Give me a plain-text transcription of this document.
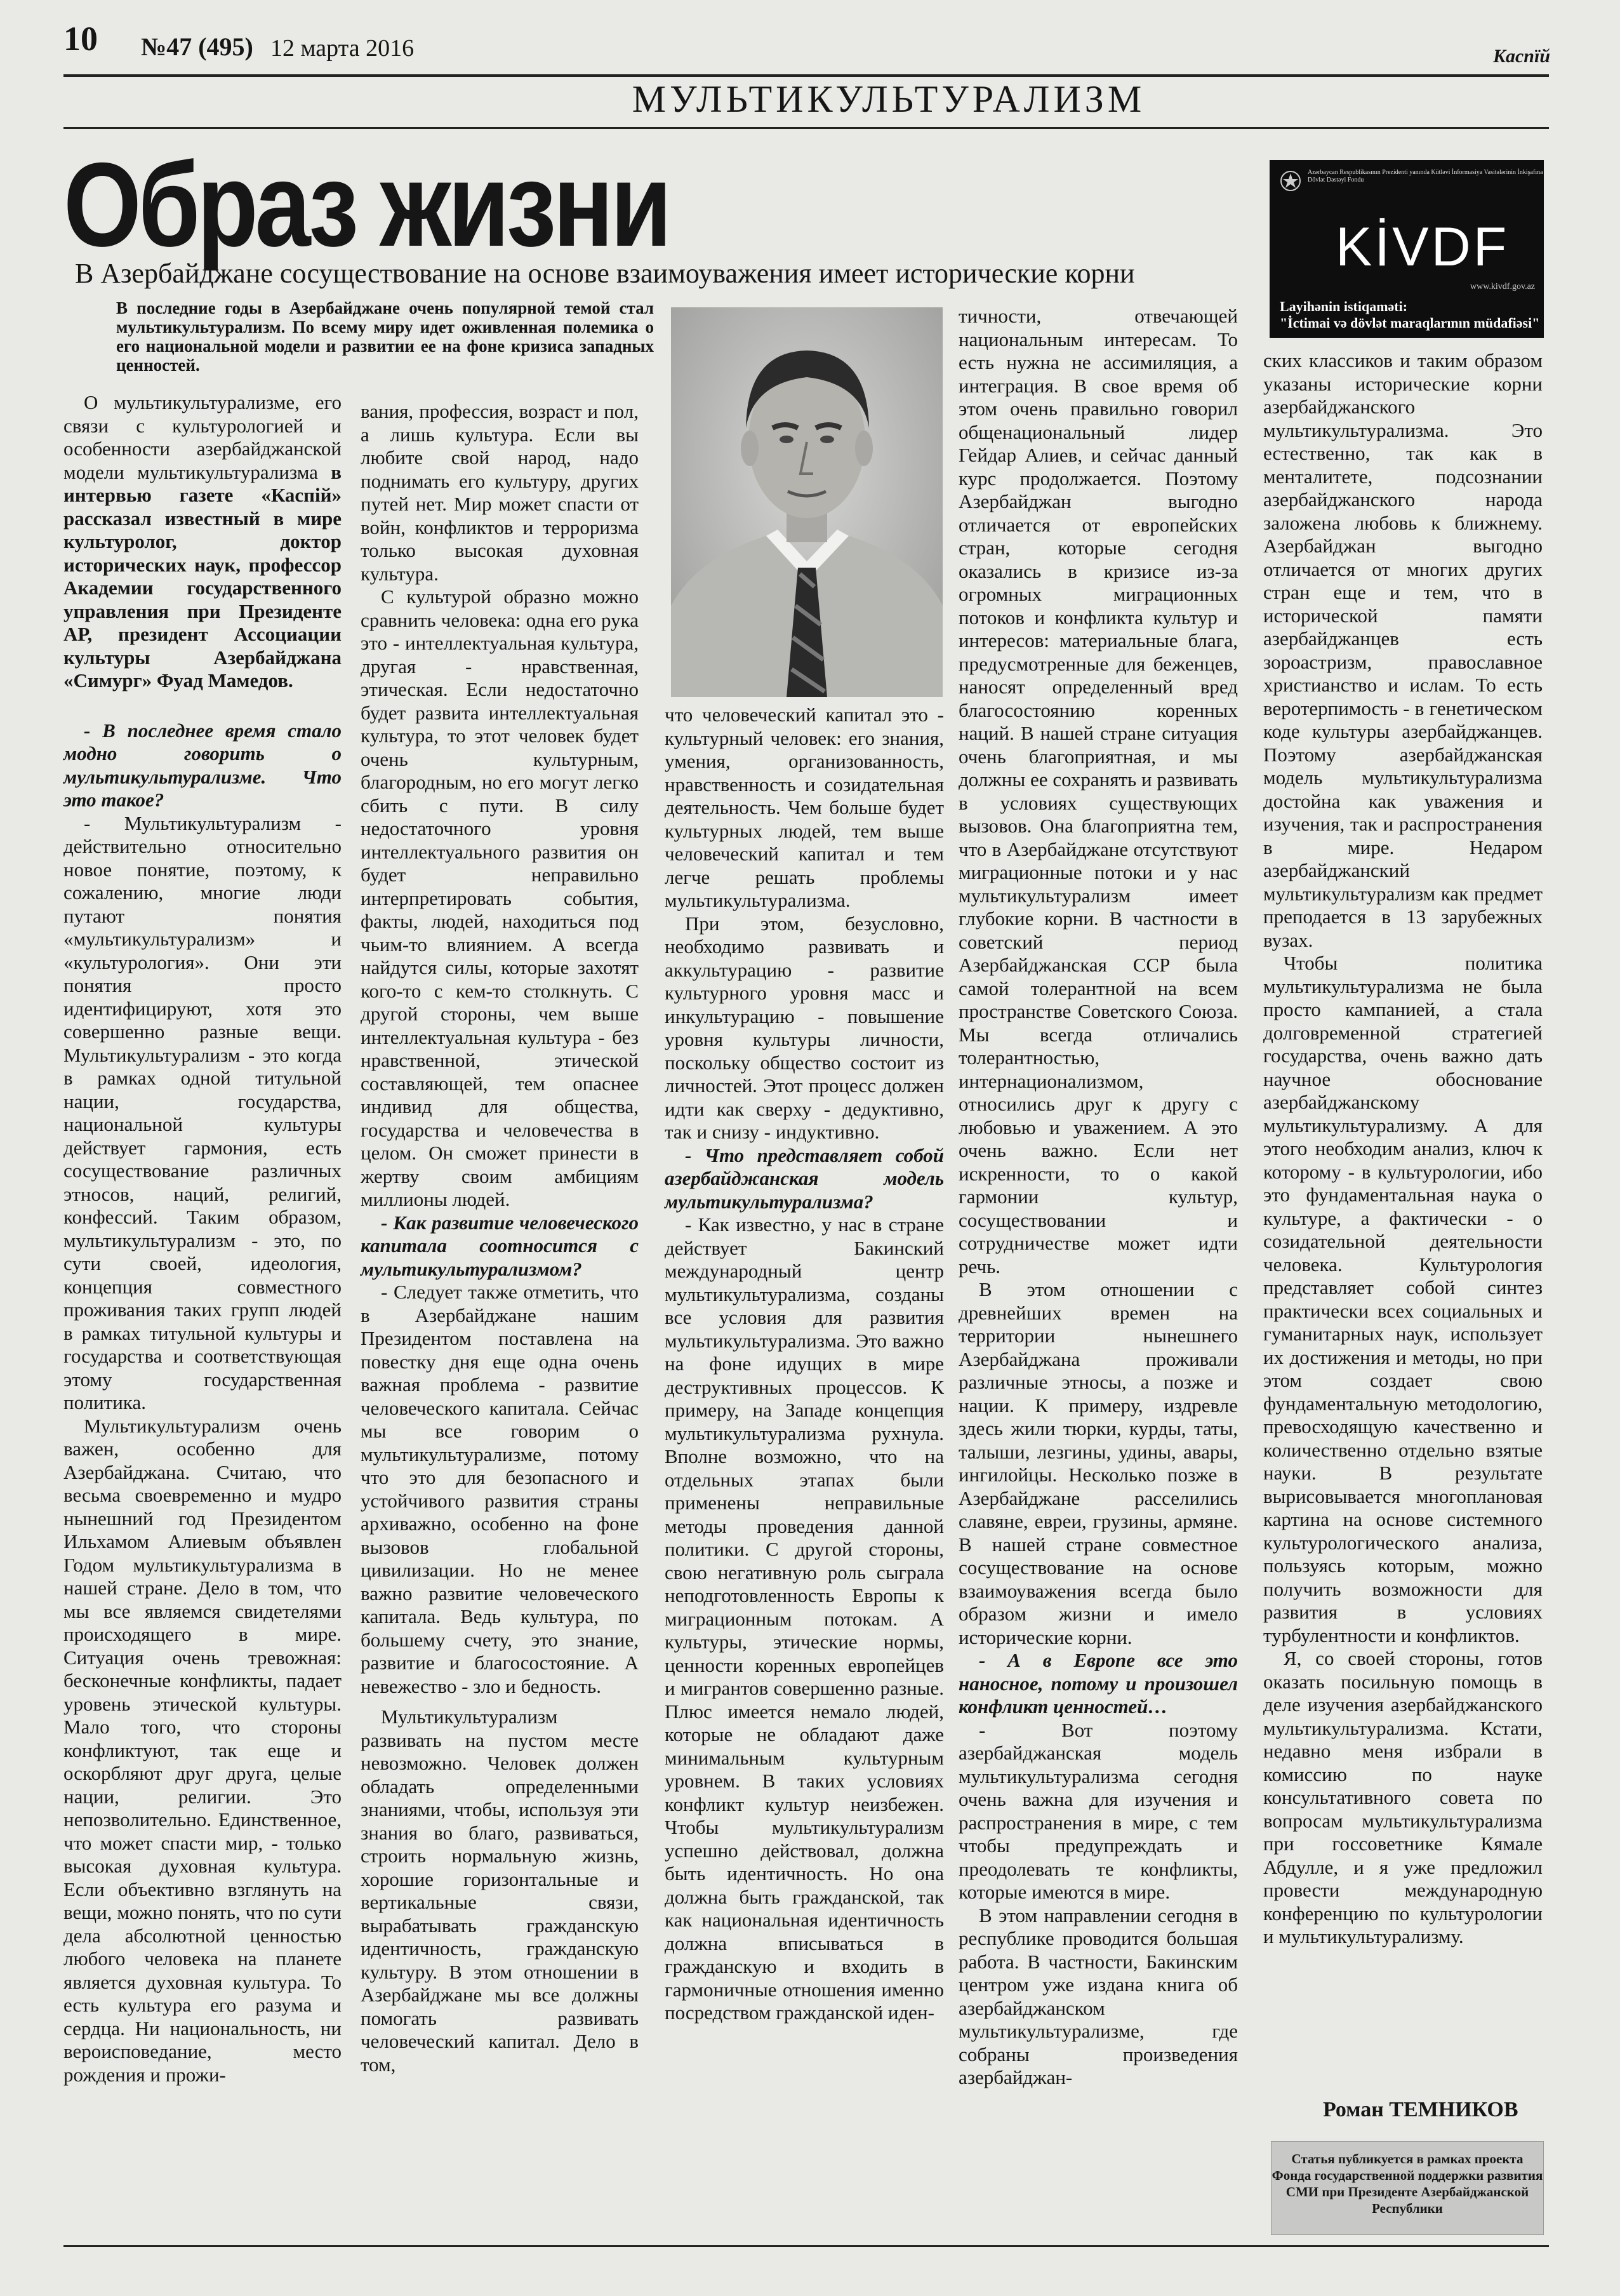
10 №47 (495) 12 марта 2016	Kacnїй
МУЛЬТИКУЛЬТУРАЛИЗМ
Образ жизни
В Азербайджане сосуществование на основе взаимоуважения имеет исторические корни
В последние годы в Азербайджане очень популярной темой стал мультикультурализм. По всему миру идет оживленная полемика о его национальной модели и развитии ее на фоне кризиса западных ценностей.

О мультикультурализме, его связи с культурологией и особенности азербайджанской модели мультикультурализма в интервью газете «Каспій» рассказал известный в мире культуролог, доктор исторических наук, профессор Академии государственного управления при Президенте АР, президент Ассоциации культуры Азербайджана «Симург» Фуад Мамедов.

- В последнее время стало модно говорить о мультикультурализме. Что это такое?

- Мультикультурализм - действительно относительно новое понятие, поэтому, к сожалению, многие люди путают понятия «мультикультурализм» и «культурология». Они эти понятия просто идентифицируют, хотя это совершенно разные вещи. Мультикультурализм - это когда в рамках одной титульной нации, государства, национальной культуры действует гармония, есть сосуществование различных этносов, наций, религий, конфессий. Таким образом, мультикультурализм - это, по сути своей, идеология, концепция совместного проживания таких групп людей в рамках титульной культуры и государства и соответствующая этому государственная политика.

Мультикультурализм очень важен, особенно для Азербайджана. Считаю, что весьма своевременно и мудро нынешний год Президентом Ильхамом Алиевым объявлен Годом мультикультурализма в нашей стране. Дело в том, что мы все являемся свидетелями происходящего в мире. Ситуация очень тревожная: бесконечные конфликты, падает уровень этической культуры. Мало того, что стороны конфликтуют, так еще и оскорбляют друг друга, целые нации, религии. Это непозволительно. Единственное, что может спасти мир, - только высокая духовная культура. Если объективно взглянуть на вещи, можно понять, что по сути дела абсолютной ценностью любого человека на планете является духовная культура. То есть культура его разума и сердца. Ни национальность, ни вероисповедание, место рождения и прожи-

вания, профессия, возраст и пол, а лишь культура. Если вы любите свой народ, надо поднимать его культуру, других путей нет. Мир может спасти от войн, конфликтов и терроризма только высокая духовная культура.

С культурой образно можно сравнить человека: одна его рука это - интеллектуальная культура, другая - нравственная, этическая. Если недостаточно будет развита интеллектуальная культура, то этот человек будет очень культурным, благородным, но его могут легко сбить с пути. В силу недостаточного уровня интеллектуального развития он будет неправильно интерпретировать события, факты, людей, находиться под чьим-то влиянием. А всегда найдутся силы, которые захотят кого-то с кем-то столкнуть. С другой стороны, чем выше интеллектуальная культура - без нравственной, этической составляющей, тем опаснее индивид для общества, государства и человечества в целом. Он сможет принести в жертву своим амбициям миллионы людей.

- Как развитие человеческого капитала соотносится с мультикультурализмом?

- Следует также отметить, что в Азербайджане нашим Президентом поставлена на повестку дня еще одна очень важная проблема - развитие человеческого капитала. Сейчас мы все говорим о мультикультурализме, потому что это для безопасного и устойчивого развития страны архиважно, особенно на фоне вызовов глобальной цивилизации. Но не менее важно развитие человеческого капитала. Ведь культура, по большему счету, это знание, развитие и благосостояние. А невежество - зло и бедность.

Мультикультурализм развивать на пустом месте невозможно. Человек должен обладать определенными знаниями, чтобы, используя эти знания во благо, развиваться, строить нормальную жизнь, хорошие горизонтальные и вертикальные связи, вырабатывать гражданскую идентичность, гражданскую культуру. В этом отношении в Азербайджане мы все должны помогать развивать человеческий капитал. Дело в том,

что человеческий капитал это - культурный человек: его знания, умения, организованность, нравственность и созидательная деятельность. Чем больше будет культурных людей, тем выше человеческий капитал и тем легче решать проблемы мультикультурализма.

При этом, безусловно, необходимо развивать и аккультурацию - развитие культурного уровня масс и инкультурацию - повышение уровня культуры личности, поскольку общество состоит из личностей. Этот процесс должен идти как сверху - дедуктивно, так и снизу - индуктивно.

- Что представляет собой азербайджанская модель мультикультурализма?

- Как известно, у нас в стране действует Бакинский международный центр мультикультурализма, созданы все условия для развития мультикультурализма. Это важно на фоне идущих в мире деструктивных процессов. К примеру, на Западе концепция мультикультурализма рухнула. Вполне возможно, что на отдельных этапах были применены неправильные методы проведения данной политики. С другой стороны, свою негативную роль сыграла неподготовленность Европы к миграционным потокам. А культуры, этические нормы, ценности коренных европейцев и мигрантов совершенно разные. Плюс имеется немало людей, которые не обладают даже минимальным культурным уровнем. В таких условиях конфликт культур неизбежен. Чтобы мультикультурализм успешно действовал, должна быть идентичность. Но она должна быть гражданской, так как национальная идентичность должна вписываться в гражданскую и входить в гармоничные отношения именно посредством гражданской иден-

тичности, отвечающей национальным интересам. То есть нужна не ассимиляция, а интеграция. В свое время об этом очень правильно говорил общенациональный лидер Гейдар Алиев, и сейчас данный курс продолжается. Поэтому Азербайджан выгодно отличается от европейских стран, которые сегодня оказались в кризисе из-за огромных миграционных потоков и конфликта культур и интересов: материальные блага, предусмотренные для беженцев, наносят определенный вред благосостоянию коренных наций. В нашей стране ситуация очень благоприятная, и мы должны ее сохранять и развивать в условиях существующих вызовов. Она благоприятна тем, что в Азербайджане отсутствуют миграционные потоки и у нас мультикультурализм имеет глубокие корни. В частности в советский период Азербайджанская ССР была самой толерантной на всем пространстве Советского Союза. Мы всегда отличались толерантностью, интернационализмом, относились друг к другу с любовью и уважением. А это очень важно. Если нет искренности, то о какой гармонии культур, сосуществовании и сотрудничестве может идти речь.

В этом отношении с древнейших времен на территории нынешнего Азербайджана проживали различные этносы, а позже и нации. К примеру, издревле здесь жили тюрки, курды, таты, талыши, лезгины, удины, авары, ингилойцы. Несколько позже в Азербайджане расселились славяне, евреи, грузины, армяне. В нашей стране совместное сосуществование на основе взаимоуважения всегда было образом жизни и имело исторические корни.

- А в Европе все это наносное, потому и произошел конфликт ценностей…

- Вот поэтому азербайджанская модель мультикультурализма сегодня очень важна для изучения и распространения в мире, с тем чтобы предупреждать и преодолевать те конфликты, которые имеются в мире.

В этом направлении сегодня в республике проводится большая работа. В частности, Бакинским центром уже издана книга об азербайджанском мультикультурализме, где собраны произведения азербайджан-

Azərbaycan Respublikasının Prezidenti yanında Kütləvi İnformasiya Vasitələrinin İnkişafına Dövlət Dəstəyi Fondu
KİVDF
www.kivdf.gov.az
Layihənin istiqaməti:
"İctimai və dövlət maraqlarının müdafiəsi"

ских классиков и таким образом указаны исторические корни азербайджанского мультикультурализма. Это естественно, так как в менталитете, подсознании азербайджанского народа заложена любовь к ближнему. Азербайджан выгодно отличается от многих других стран еще и тем, что в исторической памяти азербайджанцев есть зороастризм, православное христианство и ислам. То есть веротерпимость - в генетическом коде культуры азербайджанцев. Поэтому азербайджанская модель мультикультурализма достойна как уважения и изучения, так и распространения в мире. Недаром азербайджанский мультикультурализм как предмет преподается в 13 зарубежных вузах.

Чтобы политика мультикультурализма не была просто кампанией, а стала долговременной стратегией государства, очень важно дать научное обоснование азербайджанскому мультикультурализму. А для этого необходим анализ, ключ к которому - в культурологии, ибо это фундаментальная наука о культуре, а фактически - о созидательной деятельности человека. Культурология представляет собой синтез практически всех социальных и гуманитарных наук, использует их достижения и методы, но при этом создает свою фундаментальную методологию, превосходящую качественно и количественно отдельно взятые науки. В результате вырисовывается многоплановая картина на основе системного культурологического анализа, пользуясь которым, можно получить возможности для развития в условиях турбулентности и конфликтов.

Я, со своей стороны, готов оказать посильную помощь в деле изучения азербайджанского мультикультурализма. Кстати, недавно меня избрали в комиссию по науке консультативного совета по вопросам мультикультурализма при госсоветнике Кямале Абдулле, и я уже предложил провести международную конференцию по культурологии и мультикультурализму.

Роман ТЕМНИКОВ
Статья публикуется в рамках проекта Фонда государственной поддержки развития СМИ при Президенте Азербайджанской Республики
